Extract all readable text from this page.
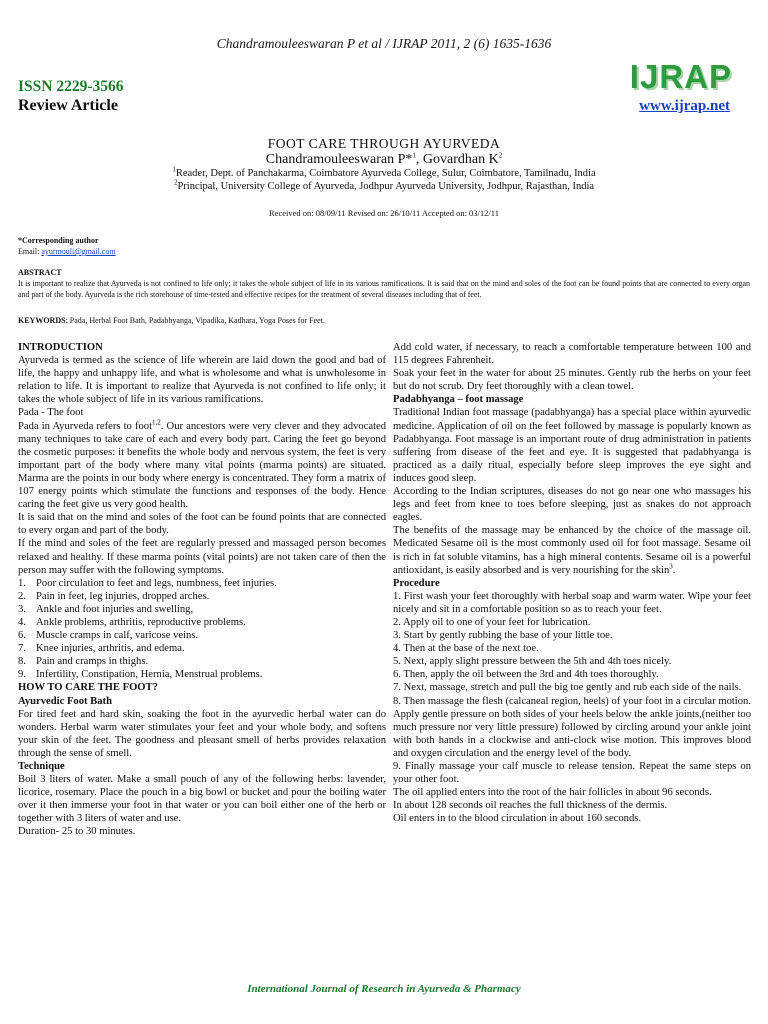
Chandramouleeswaran P et al / IJRAP 2011, 2 (6) 1635-1636
ISSN 2229-3566
Review Article
IJRAP
www.ijrap.net
FOOT CARE THROUGH AYURVEDA
Chandramouleeswaran P*$^1$, Govardhan $K^2$
$^1$Reader, Dept. of Panchakarma, Coimbatore Ayurveda College, Sulur, Coimbatore, Tamilnadu, India
$^2$Principal, University College of Ayurveda, Jodhpur Ayurveda University, Jodhpur, Rajasthan, India
Received on: 08/09/11 Revised on: 26/10/11 Accepted on: 03/12/11
*Corresponding author
Email: ayurmouli@gmail.com
ABSTRACT
It is important to realize that Ayurveda is not confined to life only; it takes the whole subject of life in its various ramifications. It is said that on the mind and soles of the foot can be found points that are connected to every organ and part of the body. Ayurveda is the rich storehouse of time-tested and effective recipes for the treatment of several diseases including that of feet.
KEYWORDS: Pada, Herbal Foot Bath, Padabhyanga, Vipadika, Kadhara, Yoga Poses for Feet.

INTRODUCTION

Ayurveda is termed as the science of life wherein are laid down the good and bad of life, the happy and unhappy life, and what is wholesome and what is unwholesome in relation to life. It is important to realize that Ayurveda is not confined to life only; it takes the whole subject of life in its various ramifications.

Pada - The foot

Pada in Ayurveda refers to foot$^{1,2}$. Our ancestors were very clever and they advocated many techniques to take care of each and every body part. Caring the feet go beyond the cosmetic purposes: it benefits the whole body and nervous system, the feet is very important part of the body where many vital points (marma points) are situated. Marma are the points in our body where energy is concentrated. They form a matrix of 107 energy points which stimulate the functions and responses of the body. Hence caring the feet give us very good health.

It is said that on the mind and soles of the foot can be found points that are connected to every organ and part of the body.

If the mind and soles of the feet are regularly pressed and massaged person becomes relaxed and healthy. If these marma points (vital points) are not taken care of then the person may suffer with the following symptoms.

1. Poor circulation to feet and legs, numbness, feet injuries.
2. Pain in feet, leg injuries, dropped arches.
3. Ankle and foot injuries and swelling,
4. Ankle problems, arthritis, reproductive problems.
6. Muscle cramps in calf, varicose veins.
7. Knee injuries, arthritis, and edema.
8. Pain and cramps in thighs.
9. Infertility, Constipation, Hernia, Menstrual problems.

HOW TO CARE THE FOOT?

Ayurvedic Foot Bath

For tired feet and hard skin, soaking the foot in the ayurvedic herbal water can do wonders. Herbal warm water stimulates your feet and your whole body, and softens your skin of the feet. The goodness and pleasant smell of herbs provides relaxation through the sense of smell.

Technique

Boil 3 liters of water. Make a small pouch of any of the following herbs: lavender, licorice, rosemary. Place the pouch in a big bowl or bucket and pour the boiling water over it then immerse your foot in that water or you can boil either one of the herb or together with 3 liters of water and use.

Duration- 25 to 30 minutes.

Add cold water, if necessary, to reach a comfortable temperature between 100 and 115 degrees Fahrenheit.

Soak your feet in the water for about 25 minutes. Gently rub the herbs on your feet but do not scrub. Dry feet thoroughly with a clean towel.

Padabhyanga – foot massage

Traditional Indian foot massage (padabhyanga) has a special place within ayurvedic medicine. Application of oil on the feet followed by massage is popularly known as Padabhyanga. Foot massage is an important route of drug administration in patients suffering from disease of the feet and eye. It is suggested that padabhyanga is practiced as a daily ritual, especially before sleep improves the eye sight and induces good sleep.

According to the Indian scriptures, diseases do not go near one who massages his legs and feet from knee to toes before sleeping, just as snakes do not approach eagles.

The benefits of the massage may be enhanced by the choice of the massage oil. Medicated Sesame oil is the most commonly used oil for foot massage. Sesame oil is rich in fat soluble vitamins, has a high mineral contents. Sesame oil is a powerful antioxidant, is easily absorbed and is very nourishing for the skin$^3$.

Procedure

1. First wash your feet thoroughly with herbal soap and warm water. Wipe your feet nicely and sit in a comfortable position so as to reach your feet.

2. Apply oil to one of your feet for lubrication.

3. Start by gently rubbing the base of your little toe.

4. Then at the base of the next toe.

5. Next, apply slight pressure between the 5th and 4th toes nicely.

6. Then, apply the oil between the 3rd and 4th toes thoroughly.

7. Next, massage, stretch and pull the big toe gently and rub each side of the nails.

8. Then massage the flesh (calcaneal region, heels) of your foot in a circular motion. Apply gentle pressure on both sides of your heels below the ankle joints,(neither too much pressure nor very little pressure) followed by circling around your ankle joint with both hands in a clockwise and anti-clock wise motion. This improves blood and oxygen circulation and the energy level of the body.

9. Finally massage your calf muscle to release tension. Repeat the same steps on your other foot.

The oil applied enters into the root of the hair follicles in about 96 seconds.

In about 128 seconds oil reaches the full thickness of the dermis.

Oil enters in to the blood circulation in about 160 seconds.

International Journal of Research in Ayurveda & Pharmacy
